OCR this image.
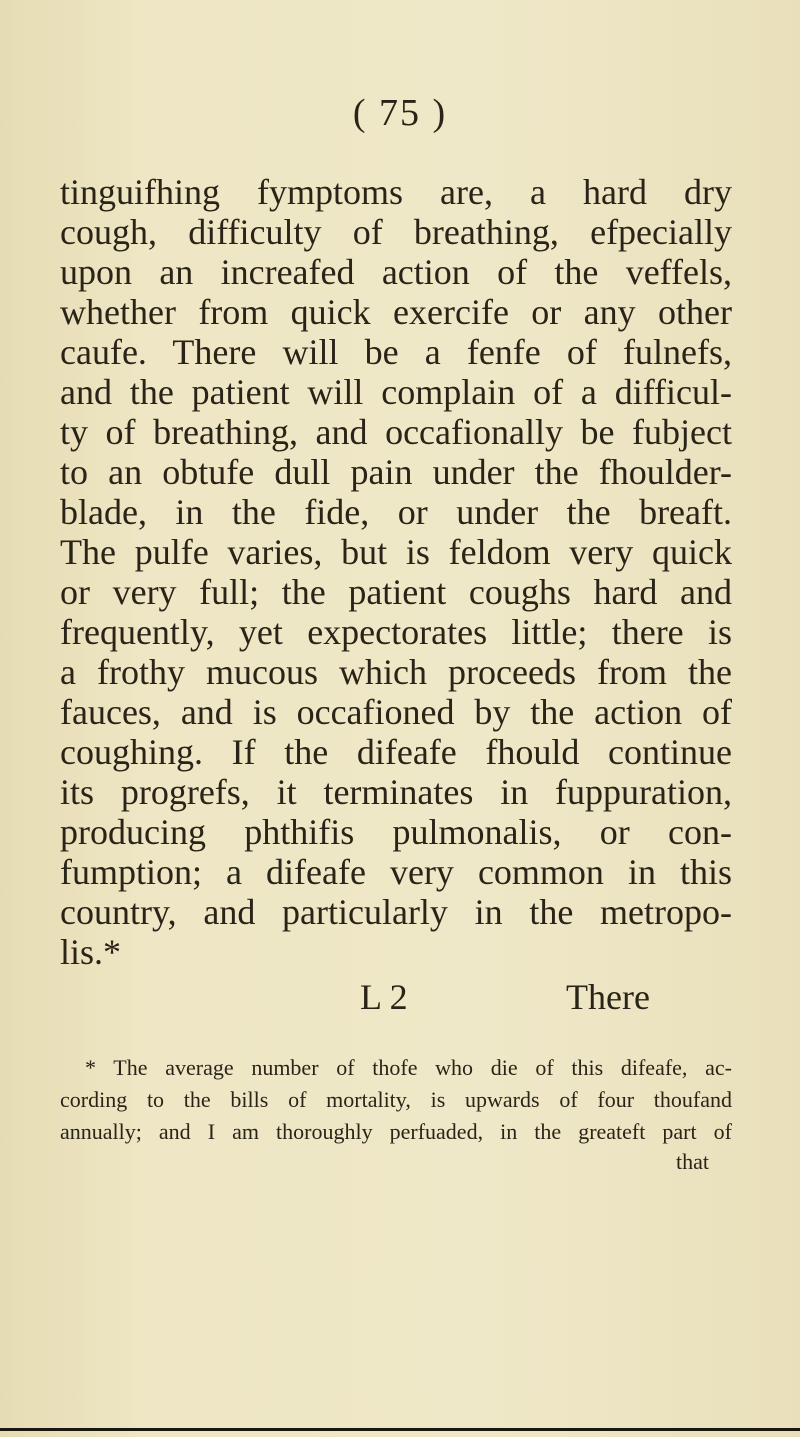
( 75 )
tinguifhing fymptoms are, a hard dry
cough, difficulty of breathing, efpecially
upon an increafed action of the veffels,
whether from quick exercife or any other
caufe. There will be a fenfe of fulnefs,
and the patient will complain of a difficul-
ty of breathing, and occafionally be fubject
to an obtufe dull pain under the fhoulder-
blade, in the fide, or under the breaft.
The pulfe varies, but is feldom very quick
or very full; the patient coughs hard and
frequently, yet expectorates little; there is
a frothy mucous which proceeds from the
fauces, and is occafioned by the action of
coughing. If the difeafe fhould continue
its progrefs, it terminates in fuppuration,
producing phthifis pulmonalis, or con-
fumption; a difeafe very common in this
country, and particularly in the metropo-
lis.*
L 2	There
* The average number of thofe who die of this difeafe, ac-
cording to the bills of mortality, is upwards of four thoufand
annually; and I am thoroughly perfuaded, in the greateft part of
that
